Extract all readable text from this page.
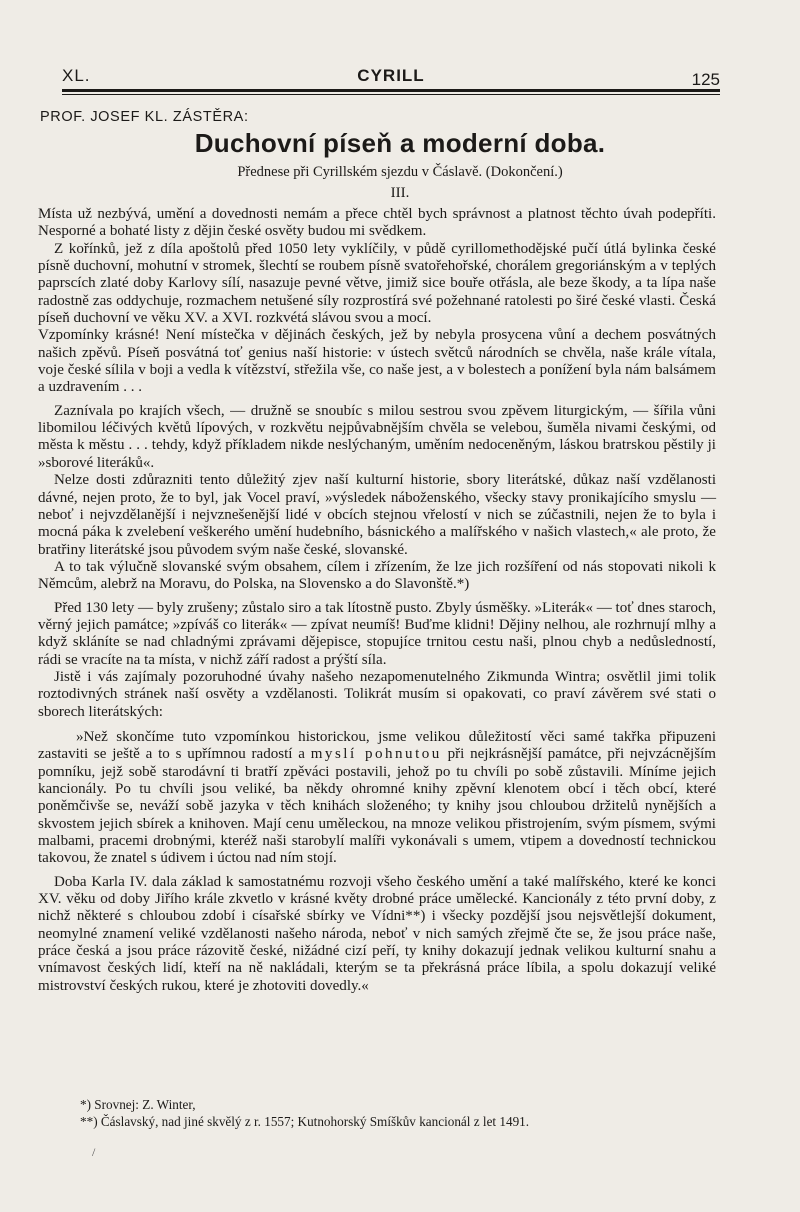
XL.	CYRILL	125
PROF. JOSEF KL. ZÁSTĚRA:
Duchovní píseň a moderní doba.
Přednese při Cyrillském sjezdu v Čáslavě. (Dokončení.)
III.

Místa už nezbývá, umění a dovednosti nemám a přece chtěl bych správnost a platnost těchto úvah podepříti. Nesporné a bohaté listy z dějin české osvěty budou mi svědkem.

Z kořínků, jež z díla apoštolů před 1050 lety vyklíčily, v půdě cyrillomethodějské pučí útlá bylinka české písně duchovní, mohutní v stromek, šlechtí se roubem písně svatořehořské, chorálem gregoriánským a v teplých paprscích zlaté doby Karlovy sílí, nasazuje pevné větve, jimiž sice bouře otřásla, ale beze škody, a ta lípa naše radostně zas oddychuje, rozmachem netušené síly rozprostírá své požehnané ratolesti po širé české vlasti. Česká píseň duchovní ve věku XV. a XVI. rozkvétá slávou svou a mocí.

Vzpomínky krásné! Není místečka v dějinách českých, jež by nebyla prosycena vůní a dechem posvátných našich zpěvů. Píseň posvátná toť genius naší historie: v ústech světců národních se chvěla, naše krále vítala, voje české sílila v boji a vedla k vítězství, střežila vše, co naše jest, a v bolestech a ponížení byla nám balsámem a uzdravením . . .

Zaznívala po krajích všech, — družně se snoubíc s milou sestrou svou zpěvem liturgickým, — šířila vůni libomilou léčivých květů lípových, v rozkvětu nejpůvabnějším chvěla se velebou, šuměla nivami českými, od města k městu . . . tehdy, když příkladem nikde neslýchaným, uměním nedoceněným, láskou bratrskou pěstily ji »sborové literáků«.

Nelze dosti zdůrazniti tento důležitý zjev naší kulturní historie, sbory literátské, důkaz naší vzdělanosti dávné, nejen proto, že to byl, jak Vocel praví, »výsledek náboženského, všecky stavy pronikajícího smyslu — neboť i nejvzdělanější i nejvznešenější lidé v obcích stejnou vřelostí v nich se zúčastnili, nejen že to byla i mocná páka k zvelebení veškerého umění hudebního, básnického a malířského v našich vlastech,« ale proto, že bratřiny literátské jsou původem svým naše české, slovanské.

A to tak výlučně slovanské svým obsahem, cílem i zřízením, že lze jich rozšíření od nás stopovati nikoli k Němcům, alebrž na Moravu, do Polska, na Slovensko a do Slavonště.*)

Před 130 lety — byly zrušeny; zůstalo siro a tak lítostně pusto. Zbyly úsměšky. »Literák« — toť dnes staroch, věrný jejich památce; »zpíváš co literák« — zpívat neumíš! Buďme klidni! Dějiny nelhou, ale rozhrnují mlhy a když skláníte se nad chladnými zprávami dějepisce, stopujíce trnitou cestu naši, plnou chyb a nedůsledností, rádi se vracíte na ta místa, v nichž září radost a prýští síla.

Jistě i vás zajímaly pozoruhodné úvahy našeho nezapomenutelného Zikmunda Wintra; osvětlil jimi tolik roztodivných stránek naší osvěty a vzdělanosti. Tolikrát musím si opakovati, co praví závěrem své stati o sborech literátských:

»Než skončíme tuto vzpomínkou historickou, jsme velikou důležitostí věci samé takřka připuzeni zastaviti se ještě a to s upřímnou radostí a myslí pohnutou při nejkrásnější památce, při nejvzácnějším pomníku, jejž sobě starodávní ti bratří zpěváci postavili, jehož po tu chvíli po sobě zůstavili. Míníme jejich kancionály. Po tu chvíli jsou veliké, ba někdy ohromné knihy zpěvní klenotem obcí i těch obcí, které poněmčivše se, neváží sobě jazyka v těch knihách složeného; ty knihy jsou chloubou držitelů nynějších a skvostem jejich sbírek a knihoven. Mají cenu uměleckou, na mnoze velikou přistrojením, svým písmem, svými malbami, pracemi drobnými, kteréž naši starobylí malíři vykonávali s umem, vtipem a dovedností technickou takovou, že znatel s údivem i úctou nad ním stojí.

Doba Karla IV. dala základ k samostatnému rozvoji všeho českého umění a také malířského, které ke konci XV. věku od doby Jiřího krále zkvetlo v krásné květy drobné práce umělecké. Kancionály z této první doby, z nichž některé s chloubou zdobí i císařské sbírky ve Vídni**) i všecky pozdější jsou nejsvětlejší dokument, neomylné znamení veliké vzdělanosti našeho národa, neboť v nich samých zřejmě čte se, že jsou práce naše, práce česká a jsou práce rázovitě české, nižádné cizí peří, ty knihy dokazují jednak velikou kulturní snahu a vnímavost českých lidí, kteří na ně nakládali, kterým se ta překrásná práce líbila, a spolu dokazují veliké mistrovství českých rukou, které je zhotoviti dovedly.«

*) Srovnej: Z. Winter,
**) Čáslavský, nad jiné skvělý z r. 1557; Kutnohorský Smíškův kancionál z let 1491.
/
